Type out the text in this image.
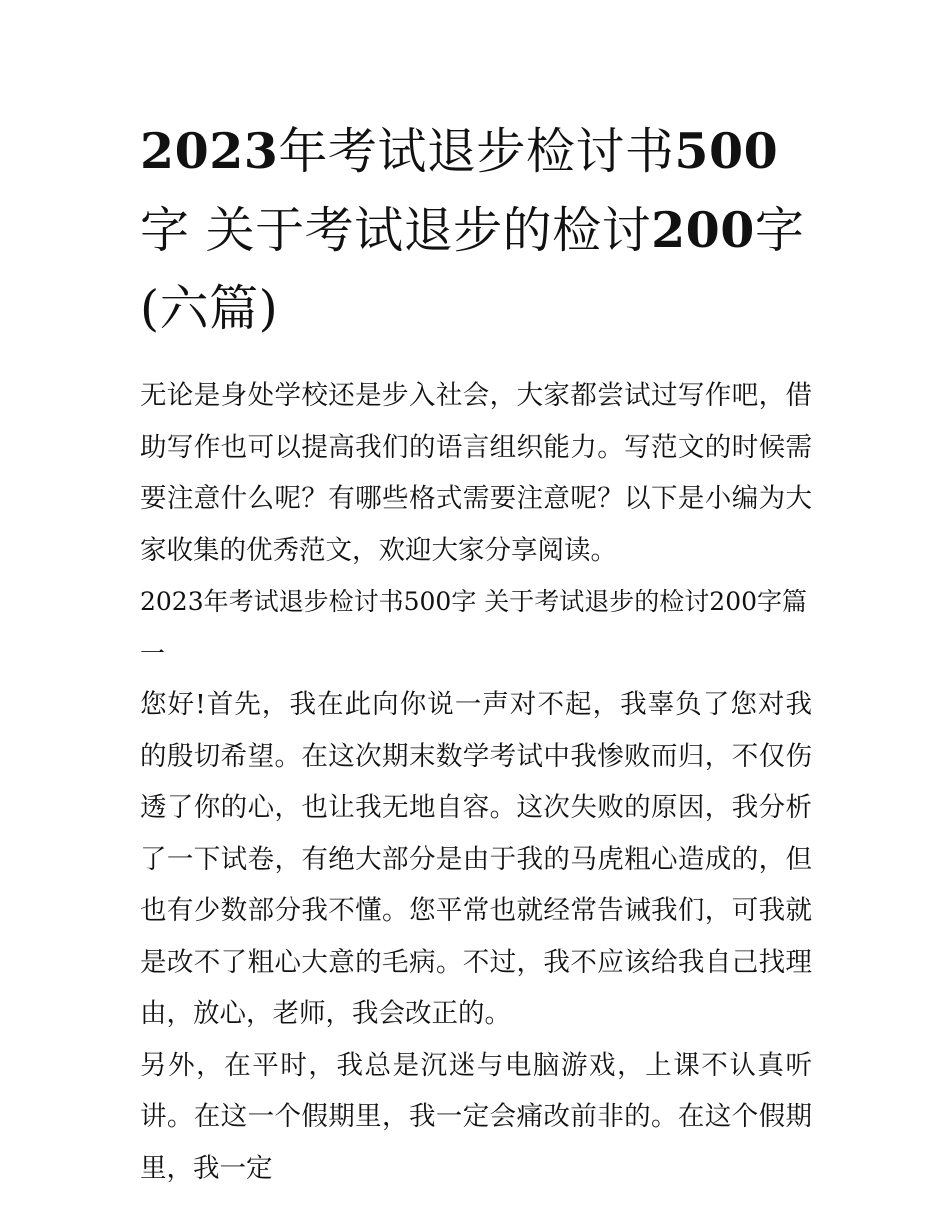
2023年考试退步检讨书500字 关于考试退步的检讨200字(六篇)

无论是身处学校还是步入社会，大家都尝试过写作吧，借助写作也可以提高我们的语言组织能力。写范文的时候需要注意什么呢？有哪些格式需要注意呢？以下是小编为大家收集的优秀范文，欢迎大家分享阅读。

2023年考试退步检讨书500字 关于考试退步的检讨200字篇一

您好!首先，我在此向你说一声对不起，我辜负了您对我的殷切希望。在这次期末数学考试中我惨败而归，不仅伤透了你的心，也让我无地自容。这次失败的原因，我分析了一下试卷，有绝大部分是由于我的马虎粗心造成的，但也有少数部分我不懂。您平常也就经常告诫我们，可我就是改不了粗心大意的毛病。不过，我不应该给我自己找理由，放心，老师，我会改正的。

另外，在平时，我总是沉迷与电脑游戏，上课不认真听讲。在这一个假期里，我一定会痛改前非的。在这个假期里，我一定
